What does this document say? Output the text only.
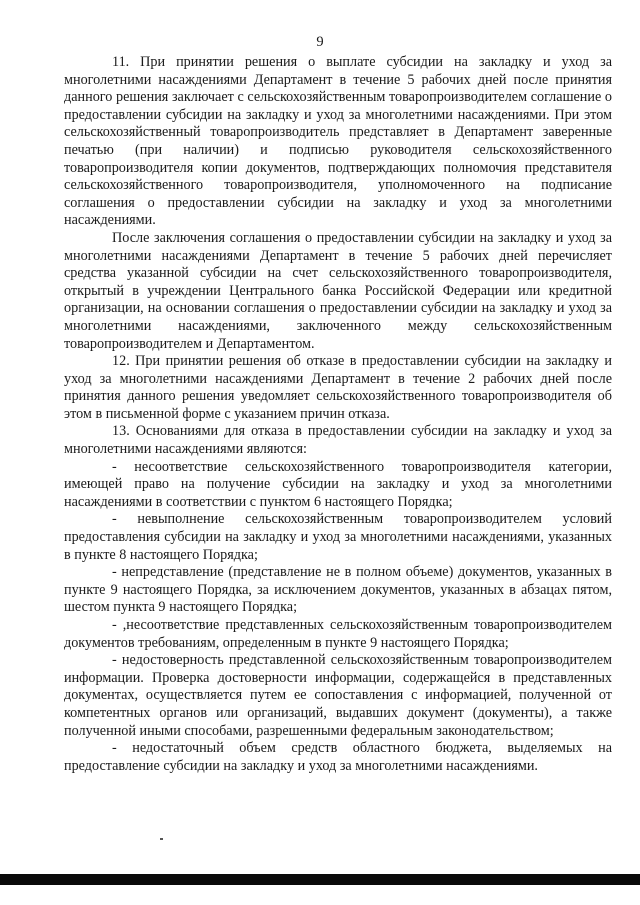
9

11. При принятии решения о выплате субсидии на закладку и уход за многолетними насаждениями Департамент в течение 5 рабочих дней после принятия данного решения заключает с сельскохозяйственным товаропроизводителем соглашение о предоставлении субсидии на закладку и уход за многолетними насаждениями. При этом сельскохозяйственный товаропроизводитель представляет в Департамент заверенные печатью (при наличии) и подписью руководителя сельскохозяйственного товаропроизводителя копии документов, подтверждающих полномочия представителя сельскохозяйственного товаропроизводителя, уполномоченного на подписание соглашения о предоставлении субсидии на закладку и уход за многолетними насаждениями.

После заключения соглашения о предоставлении субсидии на закладку и уход за многолетними насаждениями Департамент в течение 5 рабочих дней перечисляет средства указанной субсидии на счет сельскохозяйственного товаропроизводителя, открытый в учреждении Центрального банка Российской Федерации или кредитной организации, на основании соглашения о предоставлении субсидии на закладку и уход за многолетними насаждениями, заключенного между сельскохозяйственным товаропроизводителем и Департаментом.

12. При принятии решения об отказе в предоставлении субсидии на закладку и уход за многолетними насаждениями Департамент в течение 2 рабочих дней после принятия данного решения уведомляет сельскохозяйственного товаропроизводителя об этом в письменной форме с указанием причин отказа.

13. Основаниями для отказа в предоставлении субсидии на закладку и уход за многолетними насаждениями являются:

- несоответствие сельскохозяйственного товаропроизводителя категории, имеющей право на получение субсидии на закладку и уход за многолетними насаждениями в соответствии с пунктом 6 настоящего Порядка;

- невыполнение сельскохозяйственным товаропроизводителем условий предоставления субсидии на закладку и уход за многолетними насаждениями, указанных в пункте 8 настоящего Порядка;

- непредставление (представление не в полном объеме) документов, указанных в пункте 9 настоящего Порядка, за исключением документов, указанных в абзацах пятом, шестом пункта 9 настоящего Порядка;

- ,несоответствие представленных сельскохозяйственным товаропроизводителем документов требованиям, определенным в пункте 9 настоящего Порядка;

- недостоверность представленной сельскохозяйственным товаропроизводителем информации. Проверка достоверности информации, содержащейся в представленных документах, осуществляется путем ее сопоставления с информацией, полученной от компетентных органов или организаций, выдавших документ (документы), а также полученной иными способами, разрешенными федеральным законодательством;

- недостаточный объем средств областного бюджета, выделяемых на предоставление субсидии на закладку и уход за многолетними насаждениями.
